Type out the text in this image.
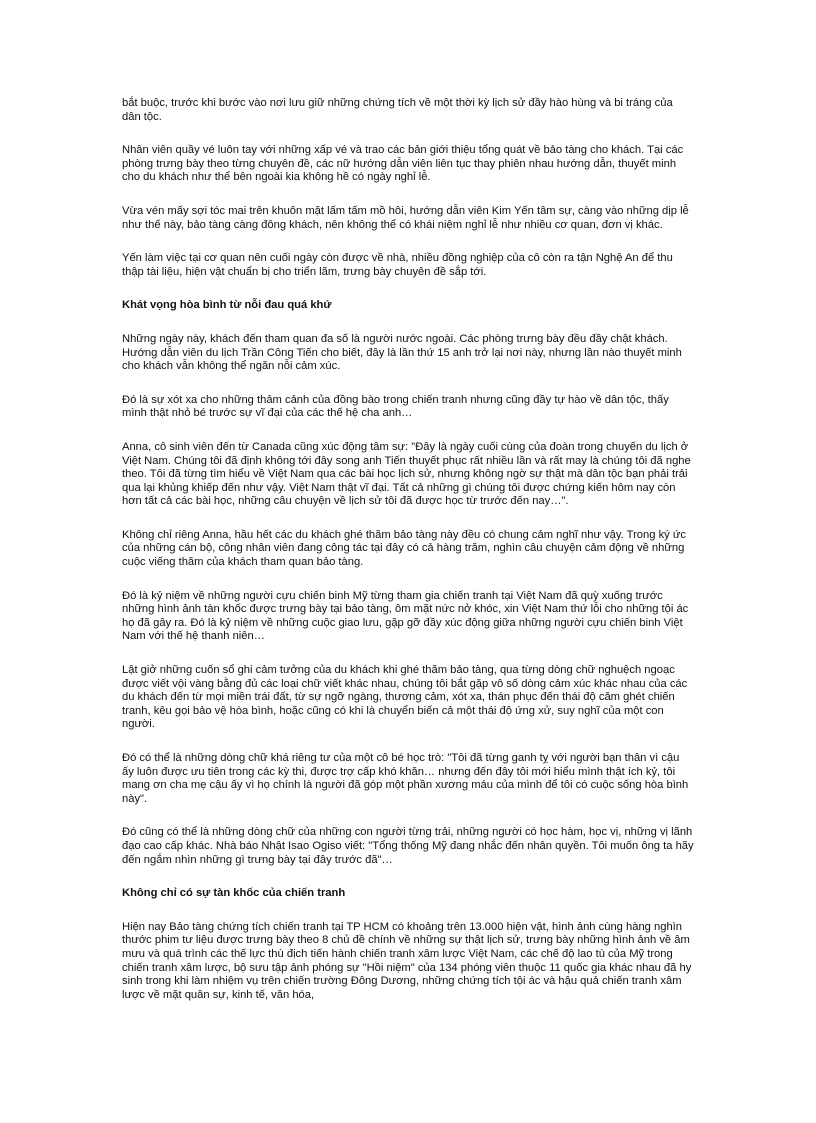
bắt buộc, trước khi bước vào nơi lưu giữ những chứng tích về một thời kỳ lịch sử đầy hào hùng và bi tráng của dân tộc.

Nhân viên quầy vé luôn tay với những xấp vé và trao các bản giới thiệu tổng quát về bảo tàng cho khách. Tại các phòng trưng bày theo từng chuyên đề, các nữ hướng dẫn viên liên tục thay phiên nhau hướng dẫn, thuyết minh cho du khách như thể bên ngoài kia không hề có ngày nghỉ lễ.

Vừa vén mấy sợi tóc mai trên khuôn mặt lấm tấm mồ hôi, hướng dẫn viên Kim Yến tâm sự, càng vào những dịp lễ như thế này, bảo tàng càng đông khách, nên không thể có khái niệm nghỉ lễ như nhiều cơ quan, đơn vị khác.

Yến làm việc tại cơ quan nên cuối ngày còn được về nhà, nhiều đồng nghiệp của cô còn ra tận Nghệ An để thu thập tài liệu, hiện vật chuẩn bị cho triển lãm, trưng bày chuyên đề sắp tới.

Khát vọng hòa bình từ nỗi đau quá khứ

Những ngày này, khách đến tham quan đa số là người nước ngoài. Các phòng trưng bày đều đầy chật khách. Hướng dẫn viên du lịch Trần Công Tiến cho biết, đây là lần thứ 15 anh trở lại nơi này, nhưng lần nào thuyết minh cho khách vẫn không thể ngăn nỗi cảm xúc.

Đó là sự xót xa cho những thảm cảnh của đồng bào trong chiến tranh nhưng cũng đầy tự hào về dân tộc, thấy mình thật nhỏ bé trước sự vĩ đại của các thế hệ cha anh…

Anna, cô sinh viên đến từ Canada cũng xúc động tâm sự: "Đây là ngày cuối cùng của đoàn trong chuyến du lịch ở Việt Nam. Chúng tôi đã định không tới đây song anh Tiến thuyết phục rất nhiều lần và rất may là chúng tôi đã nghe theo. Tôi đã từng tìm hiểu về Việt Nam qua các bài học lịch sử, nhưng không ngờ sự thật mà dân tộc bạn phải trải qua lại khủng khiếp đến như vậy. Việt Nam thật vĩ đại. Tất cả những gì chúng tôi được chứng kiến hôm nay còn hơn tất cả các bài học, những câu chuyện về lịch sử tôi đã được học từ trước đến nay…".

Không chỉ riêng Anna, hầu hết các du khách ghé thăm bảo tàng này đều có chung cảm nghĩ như vậy. Trong ký ức của những cán bộ, công nhân viên đang công tác tại đây có cả hàng trăm, nghìn câu chuyện cảm động về những cuộc viếng thăm của khách tham quan bảo tàng.

Đó là kỷ niệm về những người cựu chiến binh Mỹ từng tham gia chiến tranh tại Việt Nam đã quỳ xuống trước những hình ảnh tàn khốc được trưng bày tại bảo tàng, ôm mặt nức nở khóc, xin Việt Nam thứ lỗi cho những tội ác họ đã gây ra. Đó là kỷ niệm về những cuộc giao lưu, gặp gỡ đầy xúc động giữa những người cựu chiến binh Việt Nam với thế hệ thanh niên…

Lật giở những cuốn sổ ghi cảm tưởng của du khách khi ghé thăm bảo tàng, qua từng dòng chữ nghuệch ngoạc được viết vội vàng bằng đủ các loại chữ viết khác nhau, chúng tôi bắt gặp vô số dòng cảm xúc khác nhau của các du khách đến từ mọi miền trái đất, từ sự ngỡ ngàng, thương cảm, xót xa, thán phục đến thái độ căm ghét chiến tranh, kêu gọi bảo vệ hòa bình, hoặc cũng có khi là chuyển biến cả một thái độ ứng xử, suy nghĩ của một con người.

Đó có thể là những dòng chữ khá riêng tư của một cô bé học trò: "Tôi đã từng ganh tỵ với người bạn thân vì cậu ấy luôn được ưu tiên trong các kỳ thi, được trợ cấp khó khăn… nhưng đến đây tôi mới hiểu mình thật ích kỷ, tôi mang ơn cha mẹ cậu ấy vì họ chính là người đã góp một phần xương máu của mình để tôi có cuộc sống hòa bình này".

Đó cũng có thể là những dòng chữ của những con người từng trải, những người có học hàm, học vị, những vị lãnh đạo cao cấp khác. Nhà báo Nhật Isao Ogiso viết: "Tổng thống Mỹ đang nhắc đến nhân quyền. Tôi muốn ông ta hãy đến ngắm nhìn những gì trưng bày tại đây trước đã"…

Không chỉ có sự tàn khốc của chiến tranh

Hiện nay Bảo tàng chứng tích chiến tranh tại TP HCM có khoảng trên 13.000 hiện vật, hình ảnh cùng hàng nghìn thước phim tư liệu được trưng bày theo 8 chủ đề chính về những sự thật lịch sử, trưng bày những hình ảnh về âm mưu và quá trình các thế lực thù địch tiến hành chiến tranh xâm lược Việt Nam, các chế độ lao tù của Mỹ trong chiến tranh xâm lược, bộ sưu tập ảnh phóng sự "Hồi niệm" của 134 phóng viên thuộc 11 quốc gia khác nhau đã hy sinh trong khi làm nhiệm vụ trên chiến trường Đông Dương, những chứng tích tội ác và hậu quả chiến tranh xâm lược về mặt quân sự, kinh tế, văn hóa,
